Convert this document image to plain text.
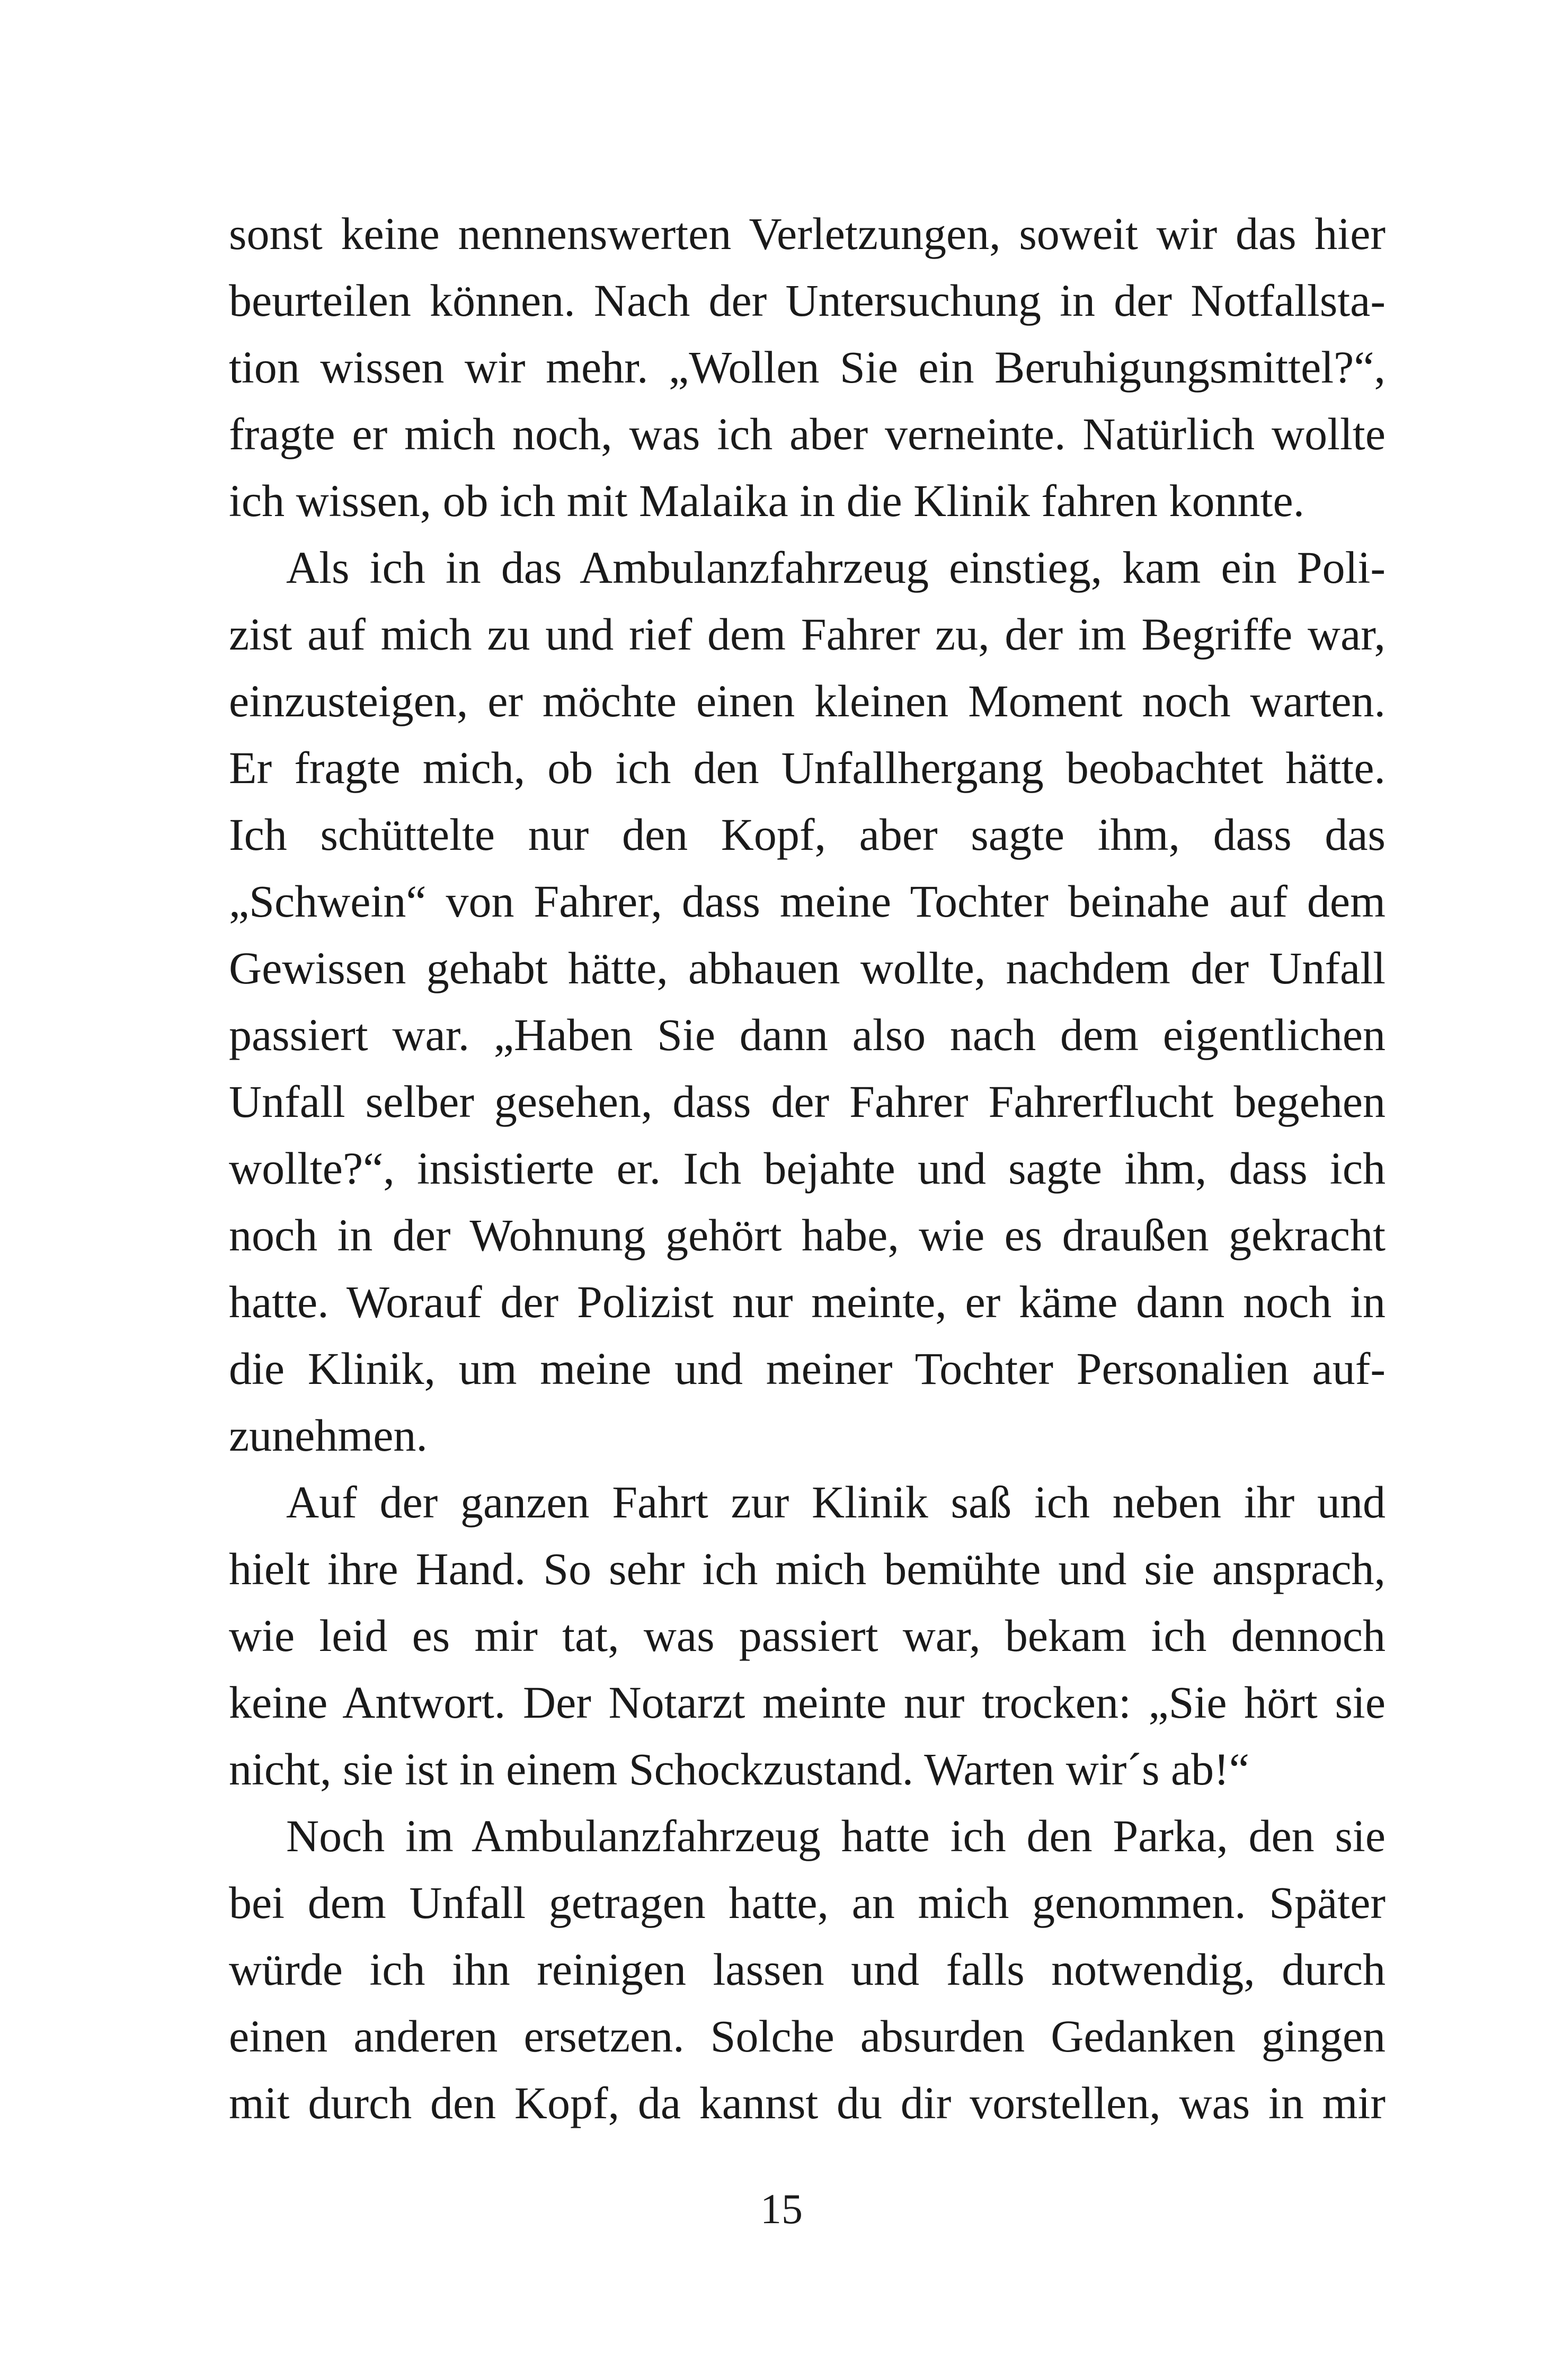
sonst keine nennenswerten Verletzungen, soweit wir das hier
beurteilen können. Nach der Untersuchung in der Notfallsta-
tion wissen wir mehr. „Wollen Sie ein Beruhigungsmittel?“,
fragte er mich noch, was ich aber verneinte. Natürlich wollte
ich wissen, ob ich mit Malaika in die Klinik fahren konnte.
Als ich in das Ambulanzfahrzeug einstieg, kam ein Poli-
zist auf mich zu und rief dem Fahrer zu, der im Begriffe war,
einzusteigen, er möchte einen kleinen Moment noch warten.
Er fragte mich, ob ich den Unfallhergang beobachtet hätte.
Ich schüttelte nur den Kopf, aber sagte ihm, dass das
„Schwein“ von Fahrer, dass meine Tochter beinahe auf dem
Gewissen gehabt hätte, abhauen wollte, nachdem der Unfall
passiert war. „Haben Sie dann also nach dem eigentlichen
Unfall selber gesehen, dass der Fahrer Fahrerflucht begehen
wollte?“, insistierte er. Ich bejahte und sagte ihm, dass ich
noch in der Wohnung gehört habe, wie es draußen gekracht
hatte. Worauf der Polizist nur meinte, er käme dann noch in
die Klinik, um meine und meiner Tochter Personalien auf-
zunehmen.
Auf der ganzen Fahrt zur Klinik saß ich neben ihr und
hielt ihre Hand. So sehr ich mich bemühte und sie ansprach,
wie leid es mir tat, was passiert war, bekam ich dennoch
keine Antwort. Der Notarzt meinte nur trocken: „Sie hört sie
nicht, sie ist in einem Schockzustand. Warten wir´s ab!“
Noch im Ambulanzfahrzeug hatte ich den Parka, den sie
bei dem Unfall getragen hatte, an mich genommen. Später
würde ich ihn reinigen lassen und falls notwendig, durch
einen anderen ersetzen. Solche absurden Gedanken gingen
mit durch den Kopf, da kannst du dir vorstellen, was in mir
15
